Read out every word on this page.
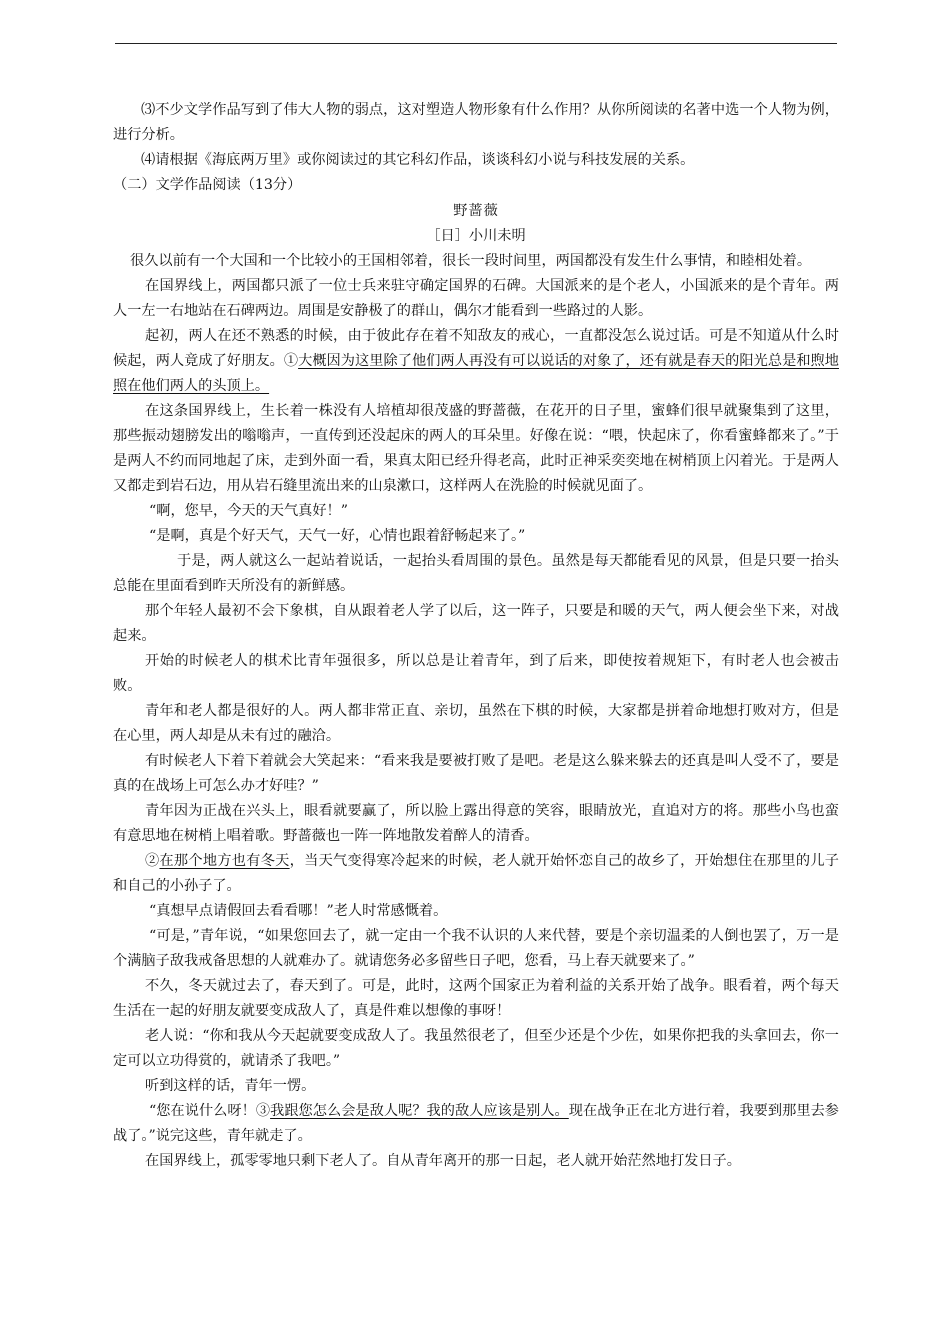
⑶不少文学作品写到了伟大人物的弱点，这对塑造人物形象有什么作用？从你所阅读的名著中选一个人物为例，进行分析。

⑷请根据《海底两万里》或你阅读过的其它科幻作品，谈谈科幻小说与科技发展的关系。

（二）文学作品阅读（13分）

野蔷薇

［日］小川未明

很久以前有一个大国和一个比较小的王国相邻着，很长一段时间里，两国都没有发生什么事情，和睦相处着。

在国界线上，两国都只派了一位士兵来驻守确定国界的石碑。大国派来的是个老人，小国派来的是个青年。两人一左一右地站在石碑两边。周围是安静极了的群山，偶尔才能看到一些路过的人影。

起初，两人在还不熟悉的时候，由于彼此存在着不知敌友的戒心，一直都没怎么说过话。可是不知道从什么时候起，两人竟成了好朋友。①大概因为这里除了他们两人再没有可以说话的对象了，还有就是春天的阳光总是和煦地照在他们两人的头顶上。

在这条国界线上，生长着一株没有人培植却很茂盛的野蔷薇，在花开的日子里，蜜蜂们很早就聚集到了这里，那些振动翅膀发出的嗡嗡声，一直传到还没起床的两人的耳朵里。好像在说：“喂，快起床了，你看蜜蜂都来了。”于是两人不约而同地起了床，走到外面一看，果真太阳已经升得老高，此时正神采奕奕地在树梢顶上闪着光。于是两人又都走到岩石边，用从岩石缝里流出来的山泉漱口，这样两人在洗脸的时候就见面了。

“啊，您早，今天的天气真好！”

“是啊，真是个好天气，天气一好，心情也跟着舒畅起来了。”

于是，两人就这么一起站着说话，一起抬头看周围的景色。虽然是每天都能看见的风景，但是只要一抬头总能在里面看到昨天所没有的新鲜感。

那个年轻人最初不会下象棋，自从跟着老人学了以后，这一阵子，只要是和暖的天气，两人便会坐下来，对战起来。

开始的时候老人的棋术比青年强很多，所以总是让着青年，到了后来，即使按着规矩下，有时老人也会被击败。

青年和老人都是很好的人。两人都非常正直、亲切，虽然在下棋的时候，大家都是拼着命地想打败对方，但是在心里，两人却是从未有过的融洽。

有时候老人下着下着就会大笑起来：“看来我是要被打败了是吧。老是这么躲来躲去的还真是叫人受不了，要是真的在战场上可怎么办才好哇？”

青年因为正战在兴头上，眼看就要赢了，所以脸上露出得意的笑容，眼睛放光，直追对方的将。那些小鸟也蛮有意思地在树梢上唱着歌。野蔷薇也一阵一阵地散发着醉人的清香。

②在那个地方也有冬天，当天气变得寒冷起来的时候，老人就开始怀恋自己的故乡了，开始想住在那里的儿子和自己的小孙子了。

“真想早点请假回去看看哪！”老人时常感慨着。

“可是，”青年说，“如果您回去了，就一定由一个我不认识的人来代替，要是个亲切温柔的人倒也罢了，万一是个满脑子敌我戒备思想的人就难办了。就请您务必多留些日子吧，您看，马上春天就要来了。”

不久，冬天就过去了，春天到了。可是，此时，这两个国家正为着利益的关系开始了战争。眼看着，两个每天生活在一起的好朋友就要变成敌人了，真是件难以想像的事呀！

老人说：“你和我从今天起就要变成敌人了。我虽然很老了，但至少还是个少佐，如果你把我的头拿回去，你一定可以立功得赏的，就请杀了我吧。”

听到这样的话，青年一愣。

“您在说什么呀！③我跟您怎么会是敌人呢？我的敌人应该是别人。现在战争正在北方进行着，我要到那里去参战了。”说完这些，青年就走了。

在国界线上，孤零零地只剩下老人了。自从青年离开的那一日起，老人就开始茫然地打发日子。
